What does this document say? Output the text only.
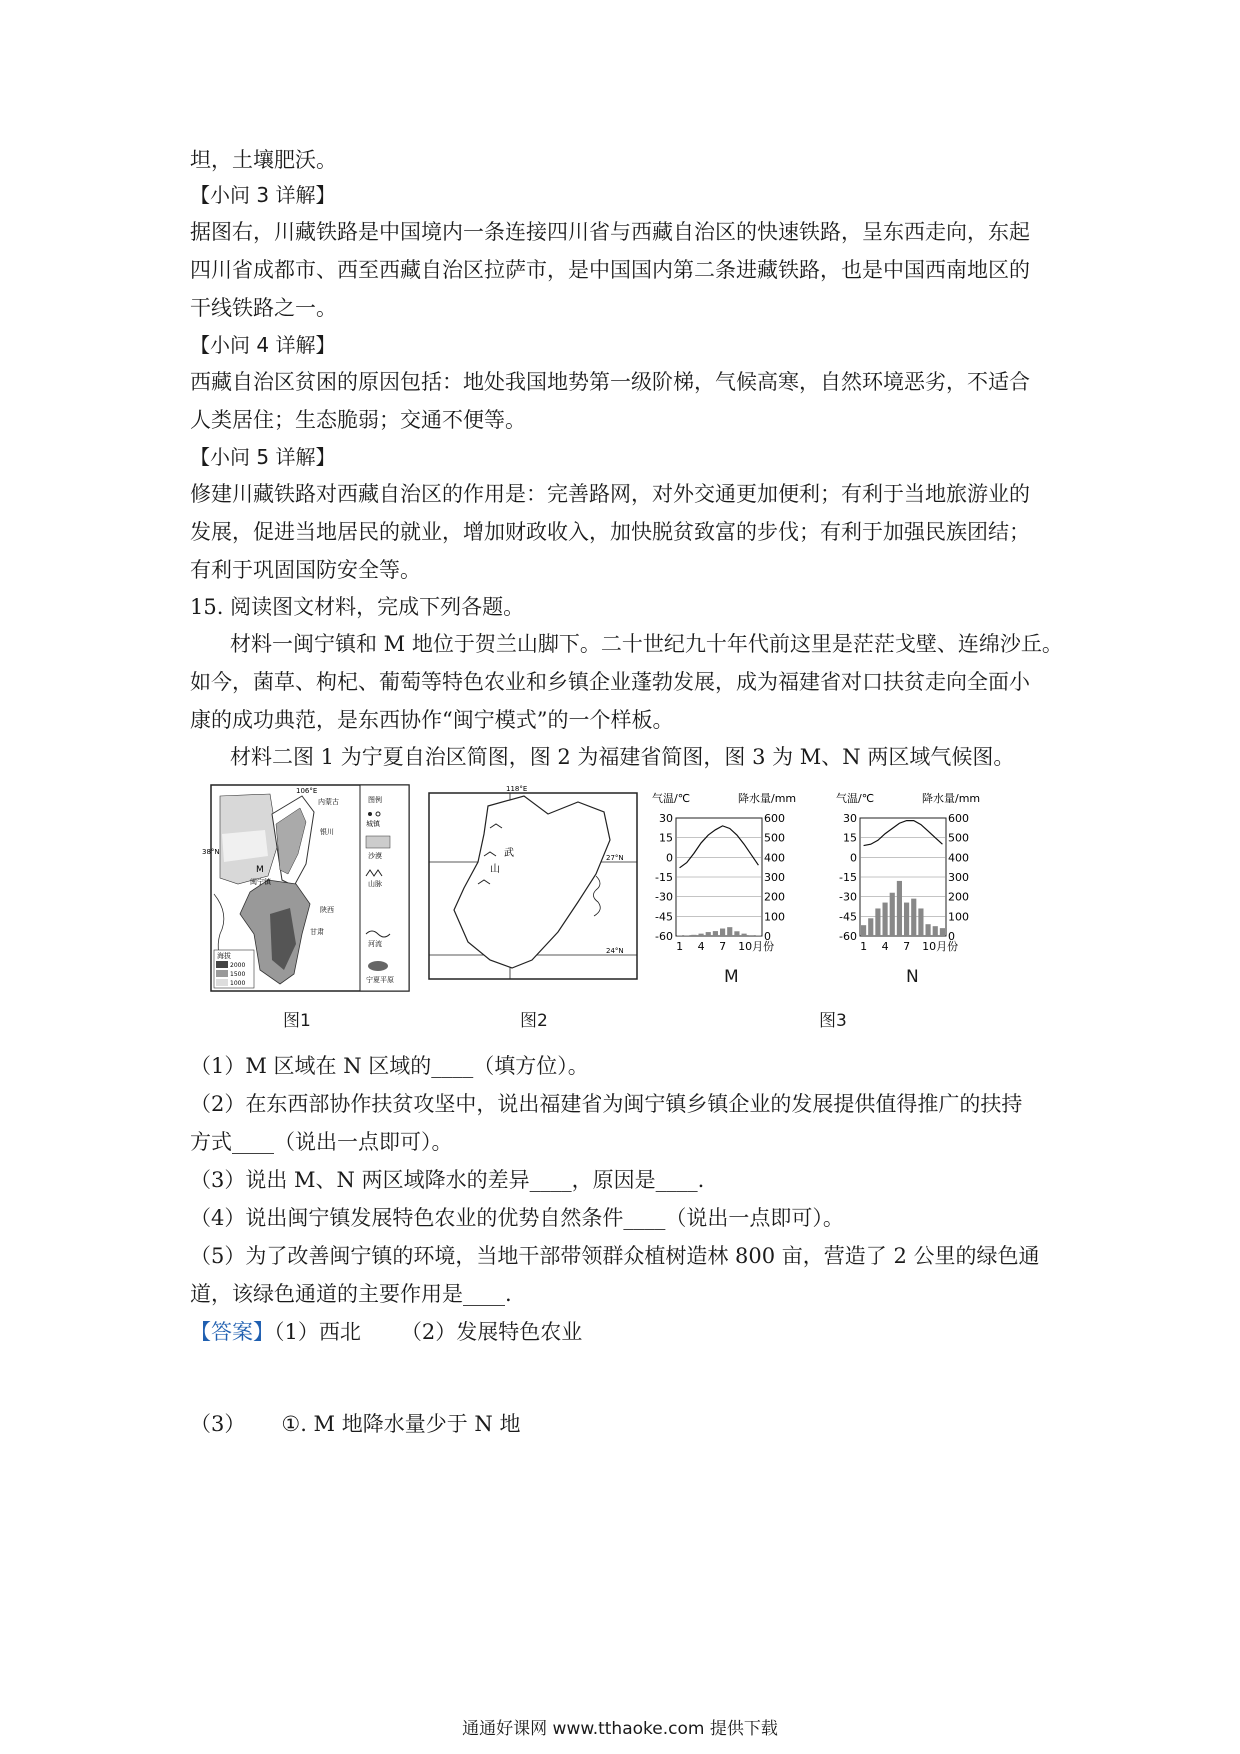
坦，土壤肥沃。
【小问 3 详解】
据图右，川藏铁路是中国境内一条连接四川省与西藏自治区的快速铁路，呈东西走向，东起
四川省成都市、西至西藏自治区拉萨市，是中国国内第二条进藏铁路，也是中国西南地区的
干线铁路之一。
【小问 4 详解】
西藏自治区贫困的原因包括：地处我国地势第一级阶梯，气候高寒，自然环境恶劣，不适合
人类居住；生态脆弱；交通不便等。
【小问 5 详解】
修建川藏铁路对西藏自治区的作用是：完善路网，对外交通更加便利；有利于当地旅游业的
发展，促进当地居民的就业，增加财政收入，加快脱贫致富的步伐；有利于加强民族团结；
有利于巩固国防安全等。
15. 阅读图文材料，完成下列各题。
材料一闽宁镇和 M 地位于贺兰山脚下。二十世纪九十年代前这里是茫茫戈壁、连绵沙丘。
如今，菌草、枸杞、葡萄等特色农业和乡镇企业蓬勃发展，成为福建省对口扶贫走向全面小
康的成功典范，是东西协作“闽宁模式”的一个样板。
材料二图 1 为宁夏自治区简图，图 2 为福建省简图，图 3 为 M、N 两区域气候图。
106°E
38°N
内蒙古
银川
M
闽宁镇
陕西
甘肃
图例
城镇
沙漠
山脉
河流
宁夏平原
海拔
2000
1500
1000
118°E
27°N
24°N
武
山
气温/℃	降水量/mm
30
15
0
-15
-30
-45
-60
600
500
400
300
200
100
0
1 4 7 10月份
气温/℃	降水量/mm
30
15
0
-15
-30
-45
-60
600
500
400
300
200
100
0
1 4 7 10月份
M	N
图1	图2	图3
（1）M 区域在 N 区域的____（填方位）。
（2）在东西部协作扶贫攻坚中，说出福建省为闽宁镇乡镇企业的发展提供值得推广的扶持
方式____（说出一点即可）。
（3）说出 M、N 两区域降水的差异____，原因是____.
（4）说出闽宁镇发展特色农业的优势自然条件____（说出一点即可）。
（5）为了改善闽宁镇的环境，当地干部带领群众植树造林 800 亩，营造了 2 公里的绿色通
道，该绿色通道的主要作用是____.
【答案】（1）西北 （2）发展特色农业
（3） ①. M 地降水量少于 N 地
通通好课网 www.tthaoke.com 提供下载
